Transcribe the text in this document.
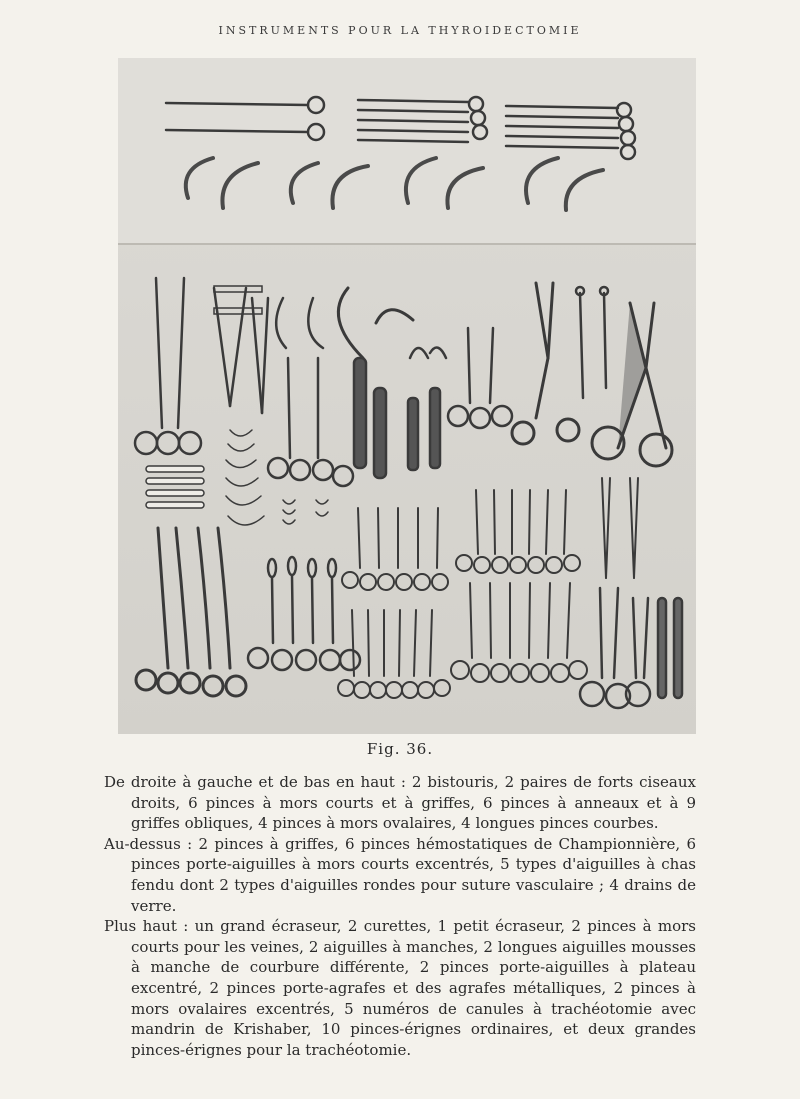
INSTRUMENTS POUR LA THYROIDECTOMIE
Fig. 36.

De droite à gauche et de bas en haut : 2 bistouris, 2 paires de forts ciseaux droits, 6 pinces à mors courts et à griffes, 6 pinces à anneaux et à 9 griffes obliques, 4 pinces à mors ovalaires, 4 longues pinces courbes.

Au-dessus : 2 pinces à griffes, 6 pinces hémostatiques de Championnière, 6 pinces porte-aiguilles à mors courts excentrés, 5 types d'aiguilles à chas fendu dont 2 types d'aiguilles rondes pour suture vasculaire ; 4 drains de verre.

Plus haut : un grand écraseur, 2 curettes, 1 petit écraseur, 2 pinces à mors courts pour les veines, 2 aiguilles à manches, 2 longues aiguilles mousses à manche de courbure différente, 2 pinces porte-aiguilles à plateau excentré, 2 pinces porte-agrafes et des agrafes métalliques, 2 pinces à mors ovalaires excentrés, 5 numéros de canules à trachéotomie avec mandrin de Krishaber, 10 pinces-érignes ordinaires, et deux grandes pinces-érignes pour la trachéotomie.
